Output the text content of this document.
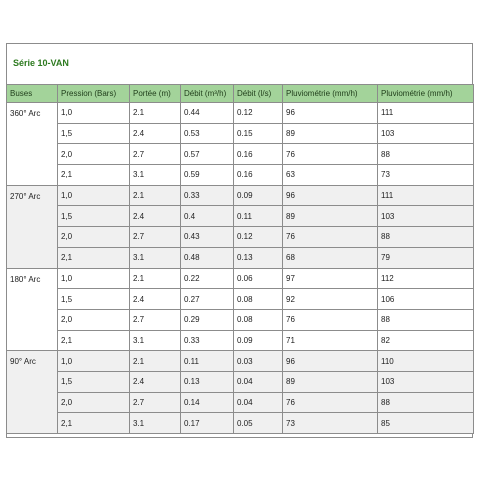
Série 10-VAN
Buses	Pression (Bars)	Portée (m)	Débit (m³/h)	Débit (l/s)	Pluviométrie (mm/h)	Pluviométrie (mm/h)
360° Arc	1,0	2.1	0.44	0.12	96	111
	1,5	2.4	0.53	0.15	89	103
	2,0	2.7	0.57	0.16	76	88
	2,1	3.1	0.59	0.16	63	73
270° Arc	1,0	2.1	0.33	0.09	96	111
	1,5	2.4	0.4	0.11	89	103
	2,0	2.7	0.43	0.12	76	88
	2,1	3.1	0.48	0.13	68	79
180° Arc	1,0	2.1	0.22	0.06	97	112
	1,5	2.4	0.27	0.08	92	106
	2,0	2.7	0.29	0.08	76	88
	2,1	3.1	0.33	0.09	71	82
90° Arc	1,0	2.1	0.11	0.03	96	110
	1,5	2.4	0.13	0.04	89	103
	2,0	2.7	0.14	0.04	76	88
	2,1	3.1	0.17	0.05	73	85
